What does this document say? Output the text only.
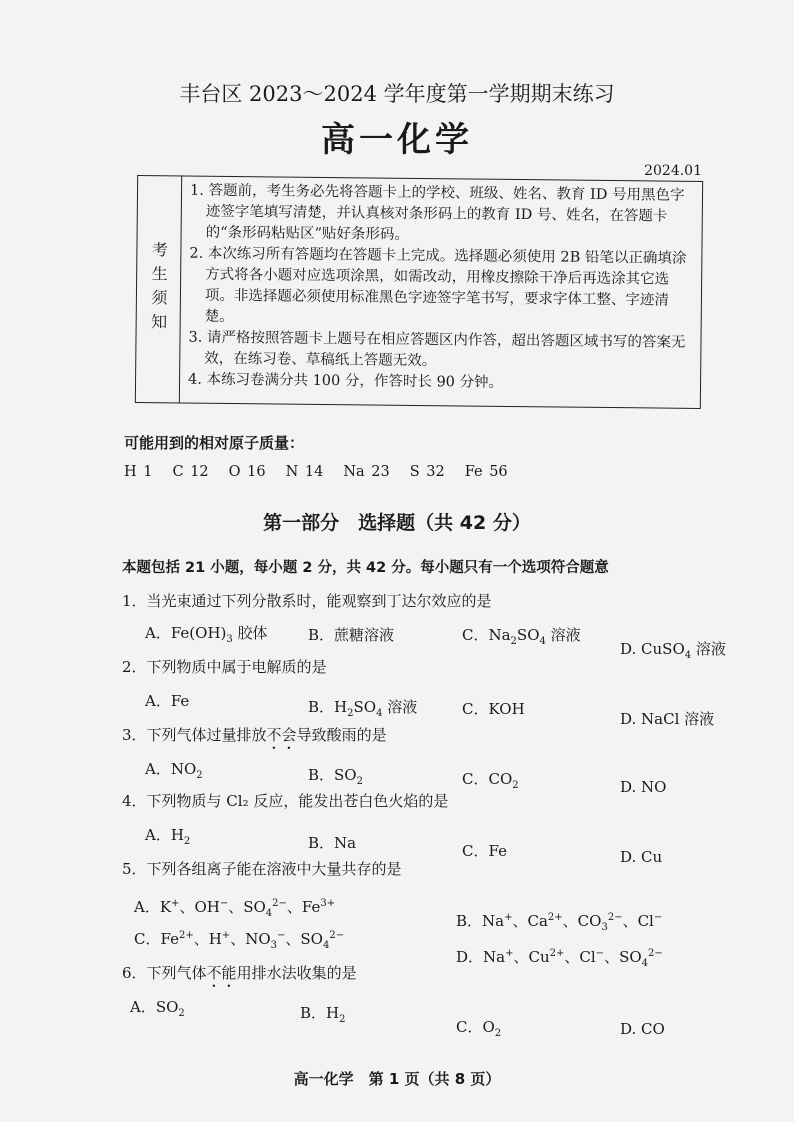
丰台区 2023～2024 学年度第一学期期末练习
高一化学
2024.01
考生须知

1. 答题前，考生务必先将答题卡上的学校、班级、姓名、教育 ID 号用黑色字

迹签字笔填写清楚，并认真核对条形码上的教育 ID 号、姓名，在答题卡的“条形码粘贴区”贴好条形码。

2. 本次练习所有答题均在答题卡上完成。选择题必须使用 2B 铅笔以正确填涂

方式将各小题对应选项涂黑，如需改动，用橡皮擦除干净后再选涂其它选项。非选择题必须使用标准黑色字迹签字笔书写，要求字体工整、字迹清楚。

3. 请严格按照答题卡上题号在相应答题区内作答，超出答题区域书写的答案无

效，在练习卷、草稿纸上答题无效。

4. 本练习卷满分共 100 分，作答时长 90 分钟。

可能用到的相对原子质量：
H 1 C 12 O 16 N 14 Na 23 S 32 Fe 56
第一部分　选择题（共 42 分）
本题包括 21 小题，每小题 2 分，共 42 分。每小题只有一个选项符合题意
1．当光束通过下列分散系时，能观察到丁达尔效应的是
A．$Fe(OH)_3$ 胶体	B．蔗糖溶液	C．$Na_2SO_4$ 溶液
D. CuSO$_4$ 溶液
2．下列物质中属于电解质的是
A．Fe	B．$H_2SO_4$ 溶液	C．KOH
D. NaCl 溶液
3．下列气体过量排放不会导致酸雨的是
A．$NO_2$	B．$SO_2$	C．$CO_2$	D. NO
4．下列物质与 Cl₂ 反应，能发出苍白色火焰的是
A．$H_2$	B．Na	C．Fe	D. Cu
5．下列各组离子能在溶液中大量共存的是
A．K+、OH−、$SO_4^{2-}$、$Fe^{3+}$
B．Na+、$Ca^{2+}$、$CO_3^{2-}$、Cl−
C．$Fe^{2+}$、H+、$NO_3^-$、$SO_4^{2-}$
D．Na+、$Cu^{2+}$、Cl−、$SO_4^{2-}$
6．下列气体不能用排水法收集的是
A．$SO_2$	B．$H_2$	C．$O_2$	D. CO
高一化学　第 1 页（共 8 页）
